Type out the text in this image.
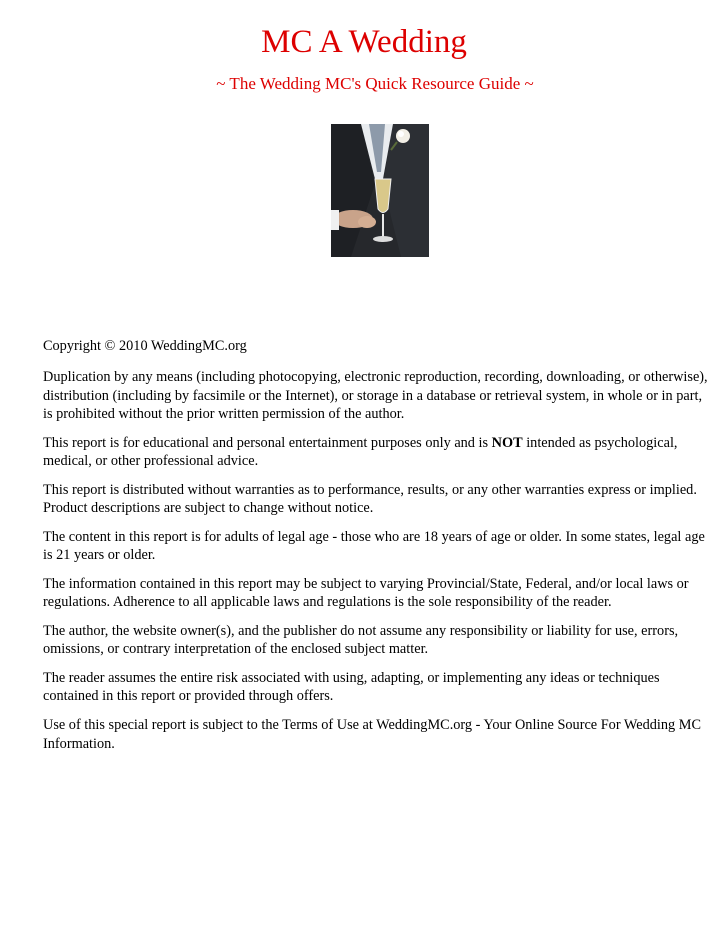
MC A Wedding
~ The Wedding MC's Quick Resource Guide ~

Copyright © 2010 WeddingMC.org

Duplication by any means (including photocopying, electronic reproduction, recording, downloading, or otherwise), distribution (including by facsimile or the Internet), or storage in a database or retrieval system, in whole or in part, is prohibited without the prior written permission of the author.

This report is for educational and personal entertainment purposes only and is NOT intended as psychological, medical, or other professional advice.

This report is distributed without warranties as to performance, results, or any other warranties express or implied. Product descriptions are subject to change without notice.

The content in this report is for adults of legal age - those who are 18 years of age or older. In some states, legal age is 21 years or older.

The information contained in this report may be subject to varying Provincial/State, Federal, and/or local laws or regulations. Adherence to all applicable laws and regulations is the sole responsibility of the reader.

The author, the website owner(s), and the publisher do not assume any responsibility or liability for use, errors, omissions, or contrary interpretation of the enclosed subject matter.

The reader assumes the entire risk associated with using, adapting, or implementing any ideas or techniques contained in this report or provided through offers.

Use of this special report is subject to the Terms of Use at WeddingMC.org - Your Online Source For Wedding MC Information.
